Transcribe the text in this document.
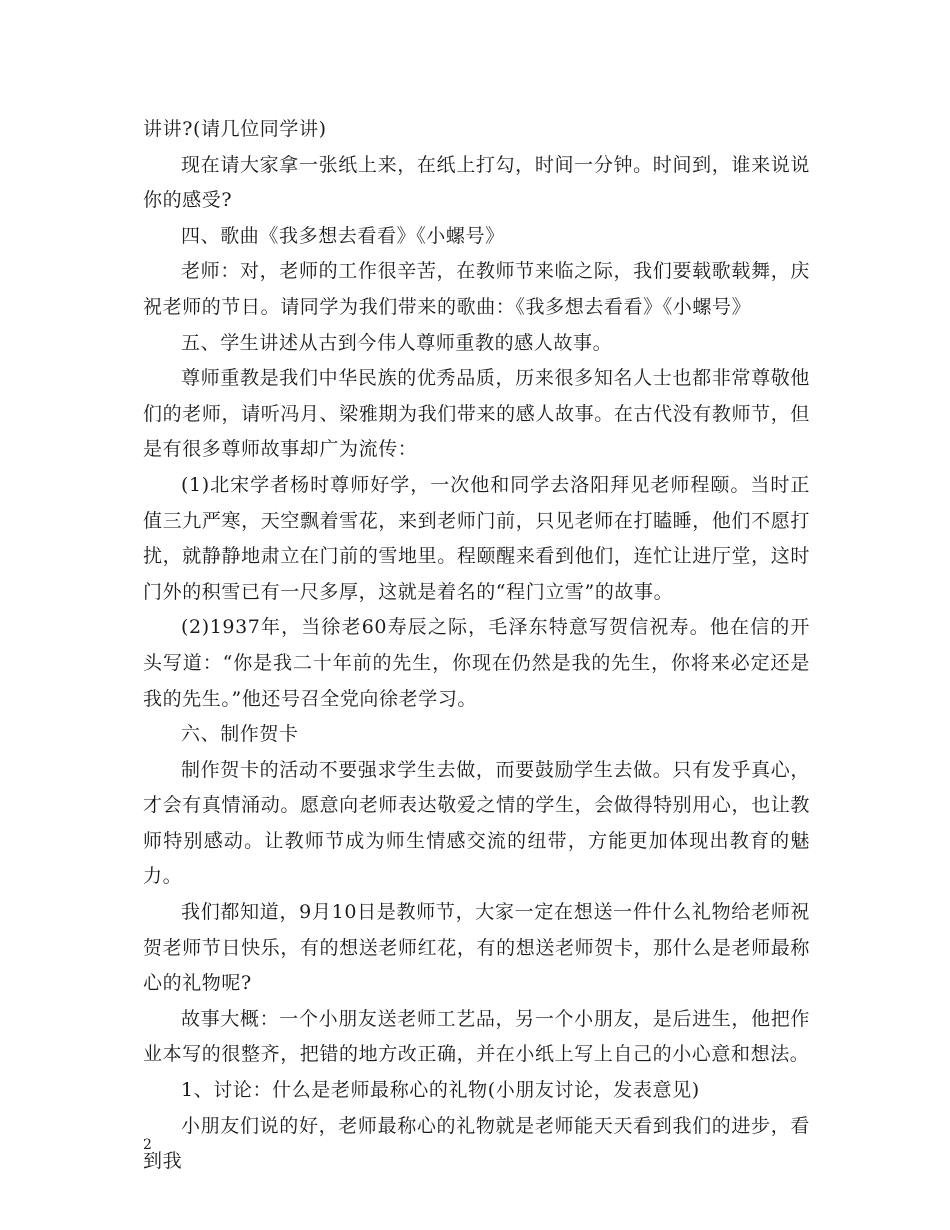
讲讲?(请几位同学讲)

现在请大家拿一张纸上来，在纸上打勾，时间一分钟。时间到，谁来说说你的感受?

四、歌曲《我多想去看看》《小螺号》

老师：对，老师的工作很辛苦，在教师节来临之际，我们要载歌载舞，庆祝老师的节日。请同学为我们带来的歌曲：《我多想去看看》《小螺号》

五、学生讲述从古到今伟人尊师重教的感人故事。

尊师重教是我们中华民族的优秀品质，历来很多知名人士也都非常尊敬他们的老师，请听冯月、梁雅期为我们带来的感人故事。在古代没有教师节，但是有很多尊师故事却广为流传：

(1)北宋学者杨时尊师好学，一次他和同学去洛阳拜见老师程颐。当时正值三九严寒，天空飘着雪花，来到老师门前，只见老师在打瞌睡，他们不愿打扰，就静静地肃立在门前的雪地里。程颐醒来看到他们，连忙让进厅堂，这时门外的积雪已有一尺多厚，这就是着名的“程门立雪”的故事。

(2)1937年，当徐老60寿辰之际，毛泽东特意写贺信祝寿。他在信的开头写道：“你是我二十年前的先生，你现在仍然是我的先生，你将来必定还是我的先生。”他还号召全党向徐老学习。

六、制作贺卡

制作贺卡的活动不要强求学生去做，而要鼓励学生去做。只有发乎真心，才会有真情涌动。愿意向老师表达敬爱之情的学生，会做得特别用心，也让教师特别感动。让教师节成为师生情感交流的纽带，方能更加体现出教育的魅力。

我们都知道，9月10日是教师节，大家一定在想送一件什么礼物给老师祝贺老师节日快乐，有的想送老师红花，有的想送老师贺卡，那什么是老师最称心的礼物呢?

故事大概：一个小朋友送老师工艺品，另一个小朋友，是后进生，他把作业本写的很整齐，把错的地方改正确，并在小纸上写上自己的小心意和想法。

1、讨论：什么是老师最称心的礼物(小朋友讨论，发表意见)

小朋友们说的好，老师最称心的礼物就是老师能天天看到我们的进步，看到我

2
